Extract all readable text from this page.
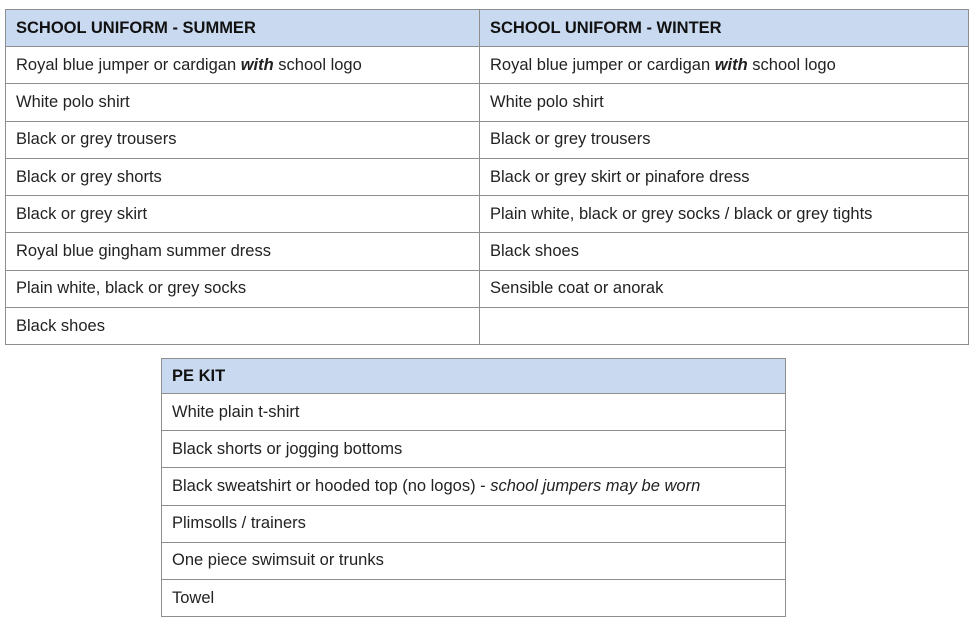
SCHOOL UNIFORM - SUMMER	SCHOOL UNIFORM - WINTER
Royal blue jumper or cardigan with school logo	Royal blue jumper or cardigan with school logo
White polo shirt	White polo shirt
Black or grey trousers	Black or grey trousers
Black or grey shorts	Black or grey skirt or pinafore dress
Black or grey skirt	Plain white, black or grey socks / black or grey tights
Royal blue gingham summer dress	Black shoes
Plain white, black or grey socks	Sensible coat or anorak
Black shoes	
PE KIT
White plain t-shirt
Black shorts or jogging bottoms
Black sweatshirt or hooded top (no logos) - school jumpers may be worn
Plimsolls / trainers
One piece swimsuit or trunks
Towel
